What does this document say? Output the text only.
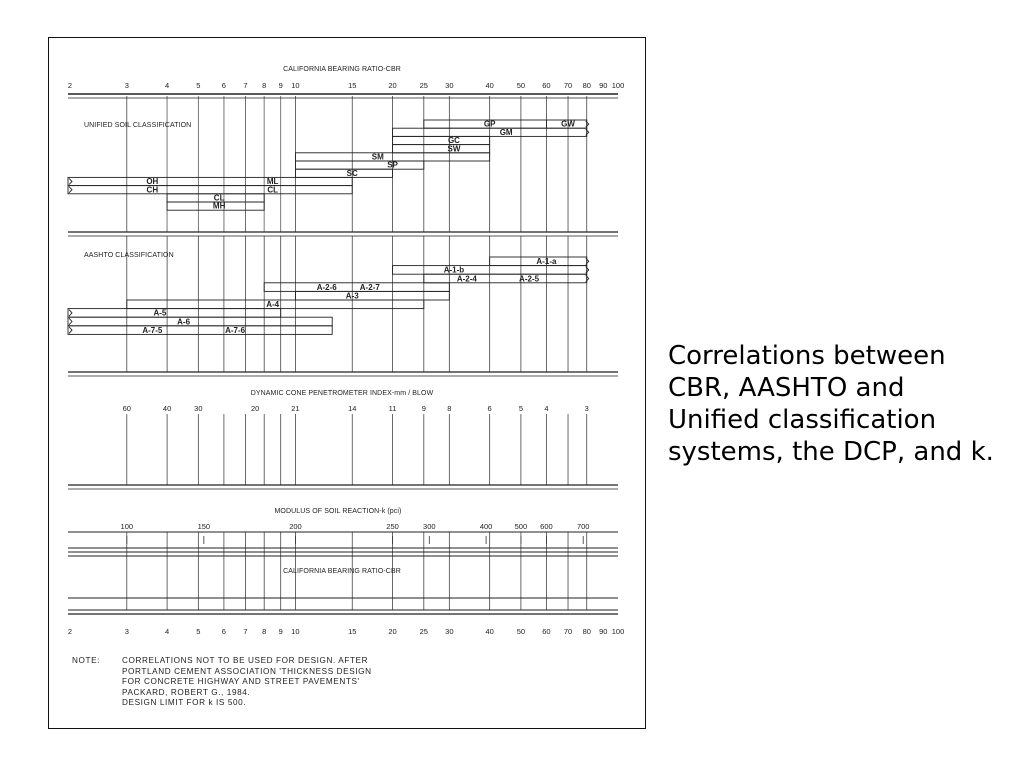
GP	GW
GM
GC
SW
SM
SP
SC
OH	ML
CH	CL
CL
MH
A-1-a
A-1-b
A-2-4	A-2-5
A-2-6	A-2-7
A-3
A-4
A-5
A-6
A-7-5	A-7-6
CALIFORNIA BEARING RATIO-CBR
UNIFIED SOIL CLASSIFICATION
AASHTO CLASSIFICATION
DYNAMIC CONE PENETROMETER INDEX-mm / BLOW
MODULUS OF SOIL REACTION-k (pci)
CALIFORNIA BEARING RATIO-CBR
2	3	4	5	6 7 8 9 10	15	20	25 30	40	50 60 70 80 90 100
2	3	4	5	6 7 8 9 10	15	20	25 30	40	50 60 70 80 90 100
60	40	30	20	21	14	11	9	8	6	5	4	3
100	150	200	250	300	400	500 600	700
NOTE:	CORRELATIONS NOT TO BE USED FOR DESIGN. AFTER
PORTLAND CEMENT ASSOCIATION 'THICKNESS DESIGN
FOR CONCRETE HIGHWAY AND STREET PAVEMENTS'
PACKARD, ROBERT G., 1984.
DESIGN LIMIT FOR k IS 500.

Correlations between CBR, AASHTO and Unified classification systems, the DCP, and k.
